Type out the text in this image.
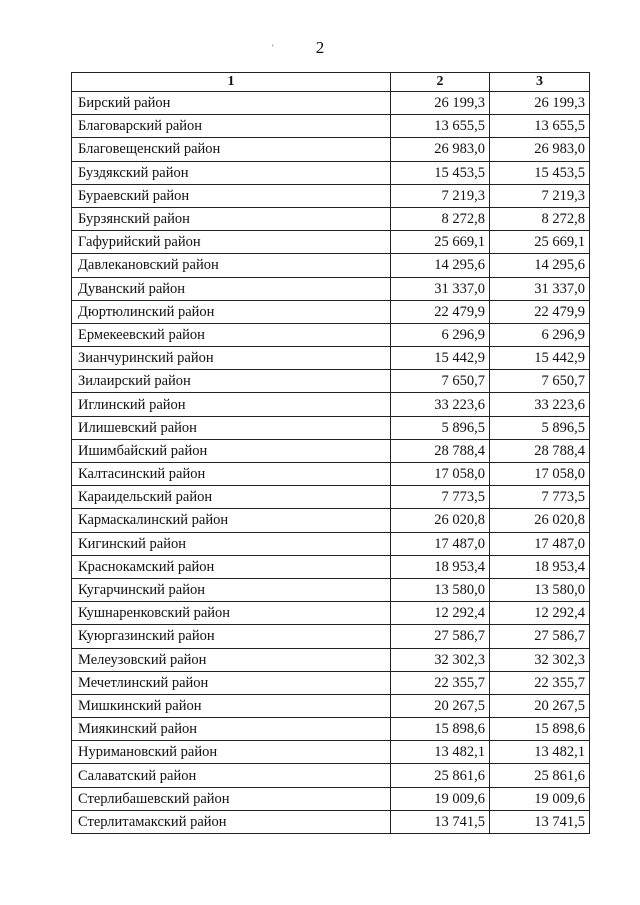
2
'
1	2	3
Бирский район	26 199,3	26 199,3
Благоварский район	13 655,5	13 655,5
Благовещенский район	26 983,0	26 983,0
Буздякский район	15 453,5	15 453,5
Бураевский район	7 219,3	7 219,3
Бурзянский район	8 272,8	8 272,8
Гафурийский район	25 669,1	25 669,1
Давлекановский район	14 295,6	14 295,6
Дуванский район	31 337,0	31 337,0
Дюртюлинский район	22 479,9	22 479,9
Ермекеевский район	6 296,9	6 296,9
Зианчуринский район	15 442,9	15 442,9
Зилаирский район	7 650,7	7 650,7
Иглинский район	33 223,6	33 223,6
Илишевский район	5 896,5	5 896,5
Ишимбайский район	28 788,4	28 788,4
Калтасинский район	17 058,0	17 058,0
Караидельский район	7 773,5	7 773,5
Кармаскалинский район	26 020,8	26 020,8
Кигинский район	17 487,0	17 487,0
Краснокамский район	18 953,4	18 953,4
Кугарчинский район	13 580,0	13 580,0
Кушнаренковский район	12 292,4	12 292,4
Куюргазинский район	27 586,7	27 586,7
Мелеузовский район	32 302,3	32 302,3
Мечетлинский район	22 355,7	22 355,7
Мишкинский район	20 267,5	20 267,5
Миякинский район	15 898,6	15 898,6
Нуримановский район	13 482,1	13 482,1
Салаватский район	25 861,6	25 861,6
Стерлибашевский район	19 009,6	19 009,6
Стерлитамакский район	13 741,5	13 741,5
